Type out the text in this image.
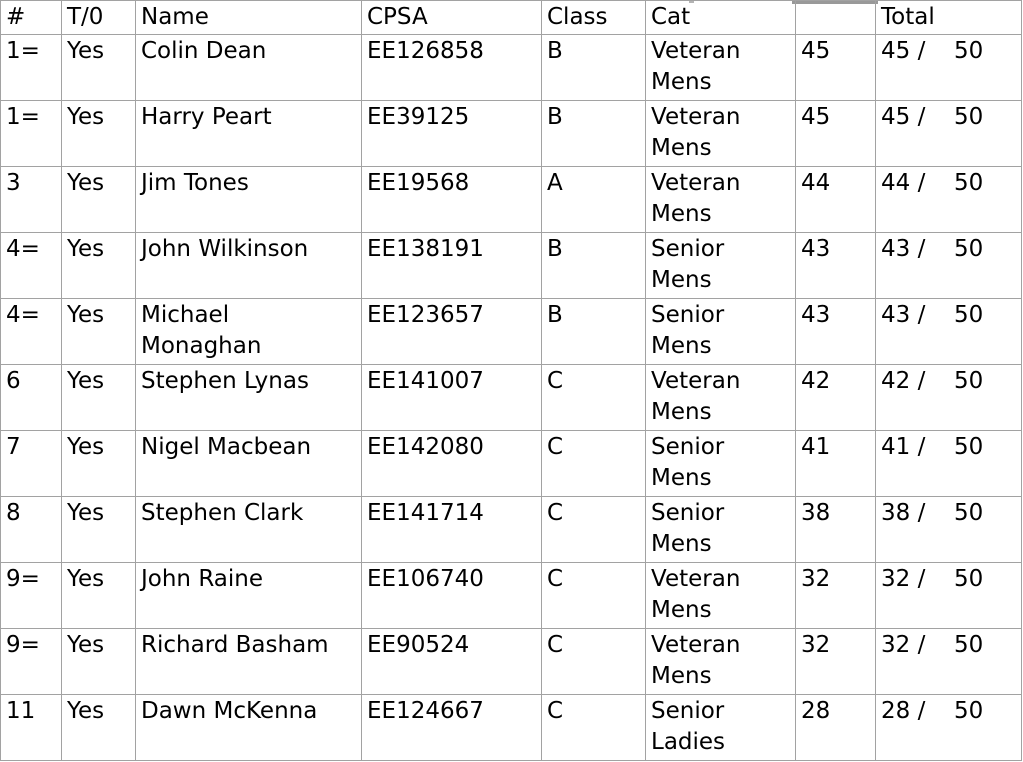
#	T/0	Name	CPSA	Class	Cat		Total
1=	Yes	Colin Dean	EE126858	B	Veteran Mens	45	45 / 50
1=	Yes	Harry Peart	EE39125	B	Veteran Mens	45	45 / 50
3	Yes	Jim Tones	EE19568	A	Veteran Mens	44	44 / 50
4=	Yes	John Wilkinson	EE138191	B	Senior Mens	43	43 / 50
4=	Yes	Michael Monaghan	EE123657	B	Senior Mens	43	43 / 50
6	Yes	Stephen Lynas	EE141007	C	Veteran Mens	42	42 / 50
7	Yes	Nigel Macbean	EE142080	C	Senior Mens	41	41 / 50
8	Yes	Stephen Clark	EE141714	C	Senior Mens	38	38 / 50
9=	Yes	John Raine	EE106740	C	Veteran Mens	32	32 / 50
9=	Yes	Richard Basham	EE90524	C	Veteran Mens	32	32 / 50
11	Yes	Dawn McKenna	EE124667	C	Senior Ladies	28	28 / 50
